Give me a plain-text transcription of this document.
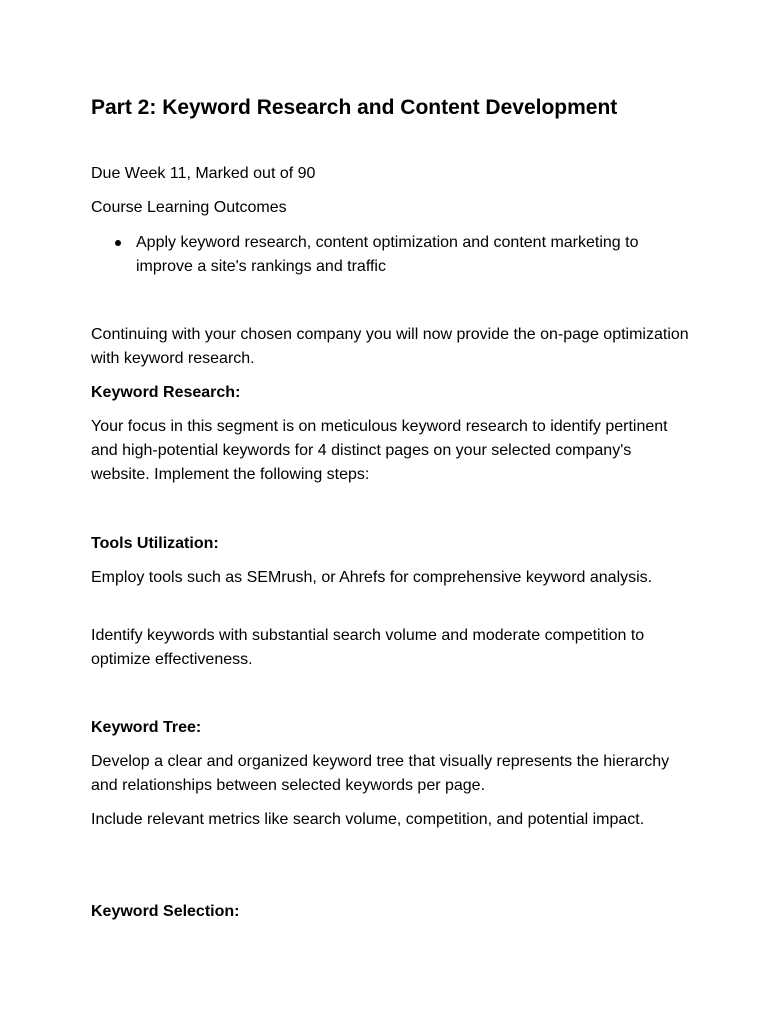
Part 2: Keyword Research and Content Development

Due Week 11, Marked out of 90

Course Learning Outcomes

Apply keyword research, content optimization and content marketing to improve a site's rankings and traffic

Continuing with your chosen company you will now provide the on-page optimization with keyword research.

Keyword Research:

Your focus in this segment is on meticulous keyword research to identify pertinent and high-potential keywords for 4 distinct pages on your selected company's website. Implement the following steps:

Tools Utilization:

Employ tools such as SEMrush, or Ahrefs for comprehensive keyword analysis.

Identify keywords with substantial search volume and moderate competition to optimize effectiveness.

Keyword Tree:

Develop a clear and organized keyword tree that visually represents the hierarchy and relationships between selected keywords per page.

Include relevant metrics like search volume, competition, and potential impact.

Keyword Selection:
